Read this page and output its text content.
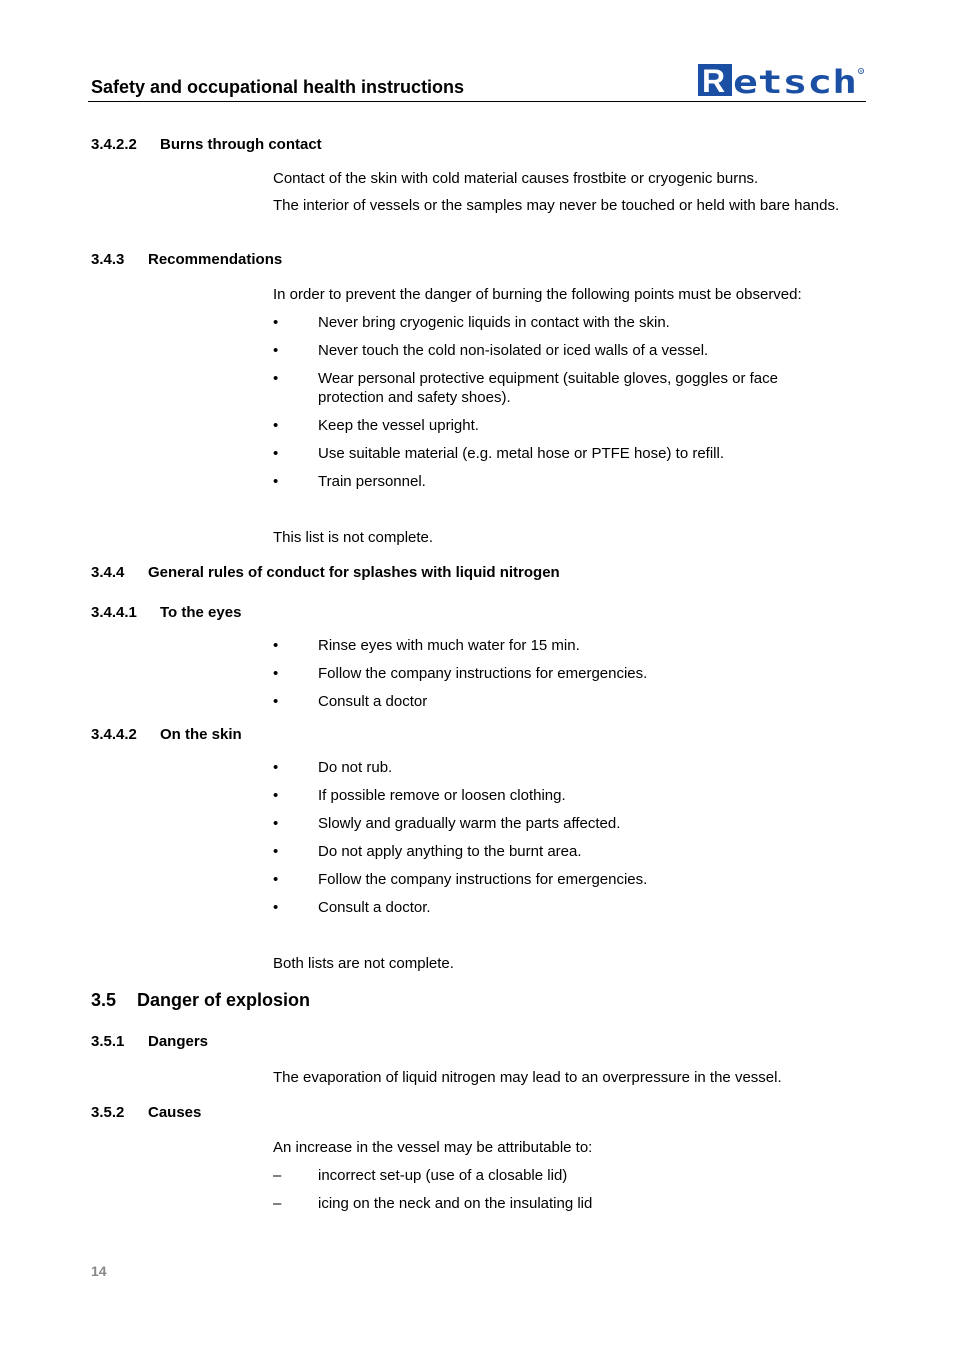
Safety and occupational health instructions	R etsch R
3.4.2.2 Burns through contact
Contact of the skin with cold material causes frostbite or cryogenic burns.
The interior of vessels or the samples may never be touched or held with bare hands.
3.4.3 Recommendations
In order to prevent the danger of burning the following points must be observed:
•	Never bring cryogenic liquids in contact with the skin.
•	Never touch the cold non-isolated or iced walls of a vessel.
•	Wear personal protective equipment (suitable gloves, goggles or face protection and safety shoes).
•	Keep the vessel upright.
•	Use suitable material (e.g. metal hose or PTFE hose) to refill.
•	Train personnel.
This list is not complete.
3.4.4 General rules of conduct for splashes with liquid nitrogen
3.4.4.1 To the eyes
•	Rinse eyes with much water for 15 min.
•	Follow the company instructions for emergencies.
•	Consult a doctor
3.4.4.2 On the skin
•	Do not rub.
•	If possible remove or loosen clothing.
•	Slowly and gradually warm the parts affected.
•	Do not apply anything to the burnt area.
•	Follow the company instructions for emergencies.
•	Consult a doctor.
Both lists are not complete.
3.5 Danger of explosion
3.5.1 Dangers
The evaporation of liquid nitrogen may lead to an overpressure in the vessel.
3.5.2 Causes
An increase in the vessel may be attributable to:
– incorrect set-up (use of a closable lid)
– icing on the neck and on the insulating lid
14
